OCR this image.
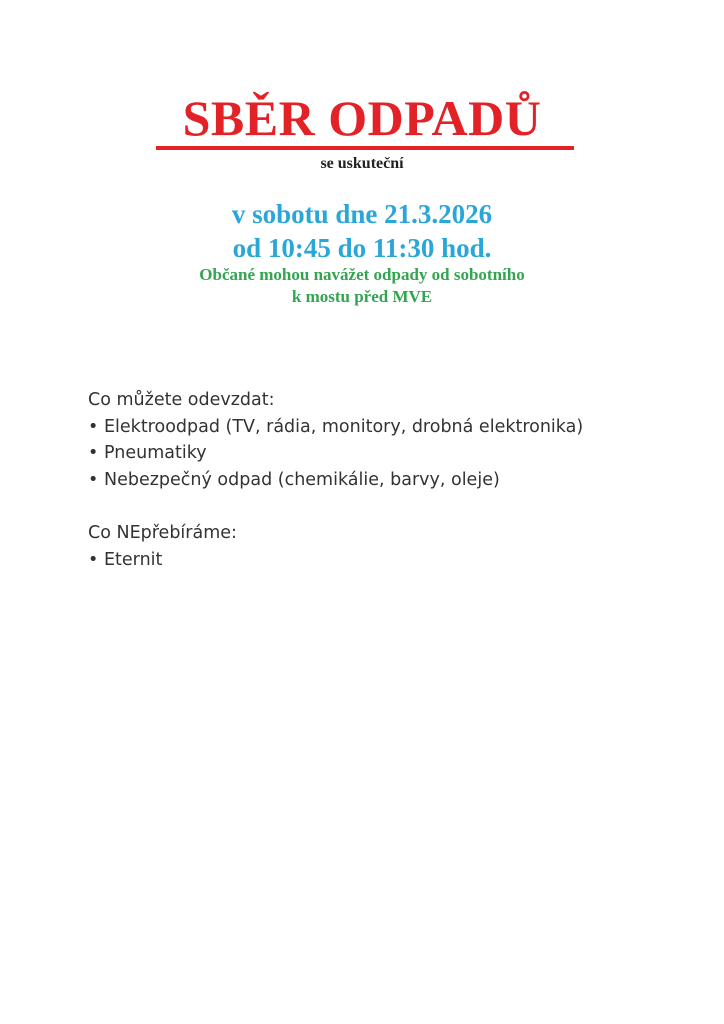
SBĚR ODPADŮ
se uskuteční
v sobotu dne 21.3.2026
od 10:45 do 11:30 hod.
Občané mohou navážet odpady od sobotního
k mostu před MVE
Co můžete odevzdat:
• Elektroodpad (TV, rádia, monitory, drobná elektronika)
• Pneumatiky
• Nebezpečný odpad (chemikálie, barvy, oleje)
Co NEpřebíráme:
• Eternit
